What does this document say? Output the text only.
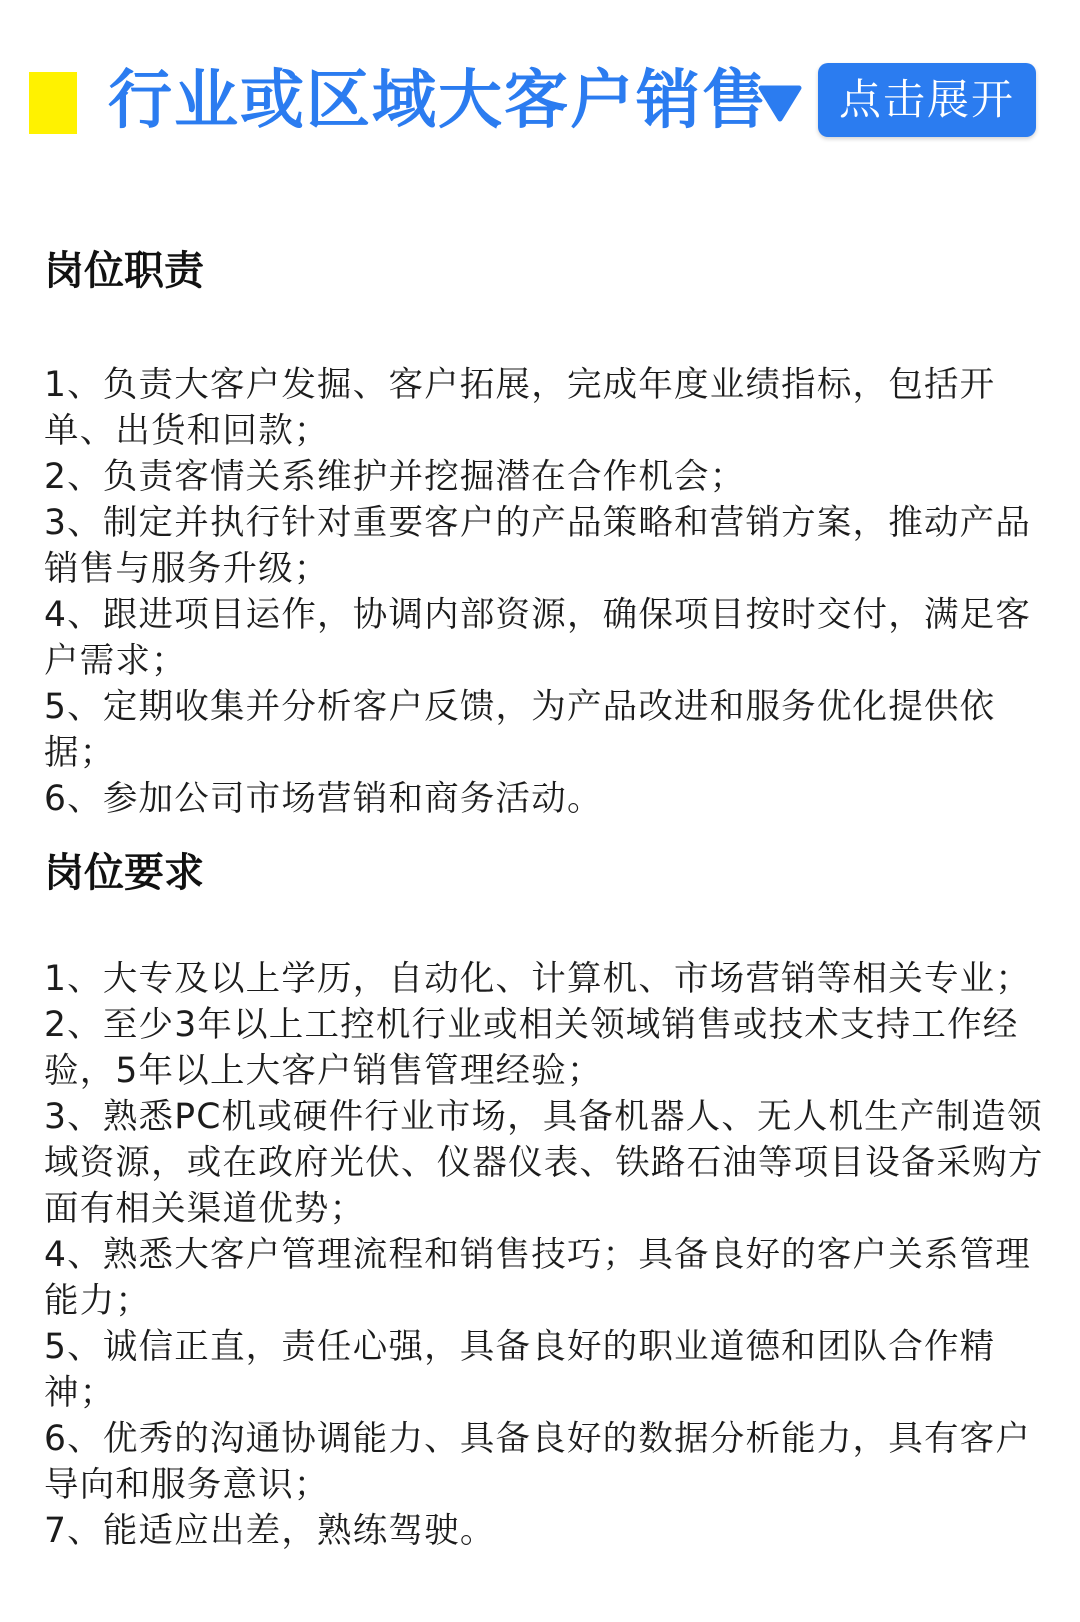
行业或区域大客户销售	点击展开
岗位职责
1、负责大客户发掘、客户拓展，完成年度业绩指标，包括开单、出货和回款；
2、负责客情关系维护并挖掘潜在合作机会；
3、制定并执行针对重要客户的产品策略和营销方案，推动产品销售与服务升级；
4、跟进项目运作，协调内部资源，确保项目按时交付，满足客户需求；
5、定期收集并分析客户反馈，为产品改进和服务优化提供依据；
6、参加公司市场营销和商务活动。
岗位要求
1、大专及以上学历，自动化、计算机、市场营销等相关专业；
2、至少3年以上工控机行业或相关领域销售或技术支持工作经验，5年以上大客户销售管理经验；
3、熟悉PC机或硬件行业市场，具备机器人、无人机生产制造领域资源，或在政府光伏、仪器仪表、铁路石油等项目设备采购方面有相关渠道优势；
4、熟悉大客户管理流程和销售技巧；具备良好的客户关系管理能力；
5、诚信正直，责任心强，具备良好的职业道德和团队合作精神；
6、优秀的沟通协调能力、具备良好的数据分析能力，具有客户导向和服务意识；
7、能适应出差，熟练驾驶。
